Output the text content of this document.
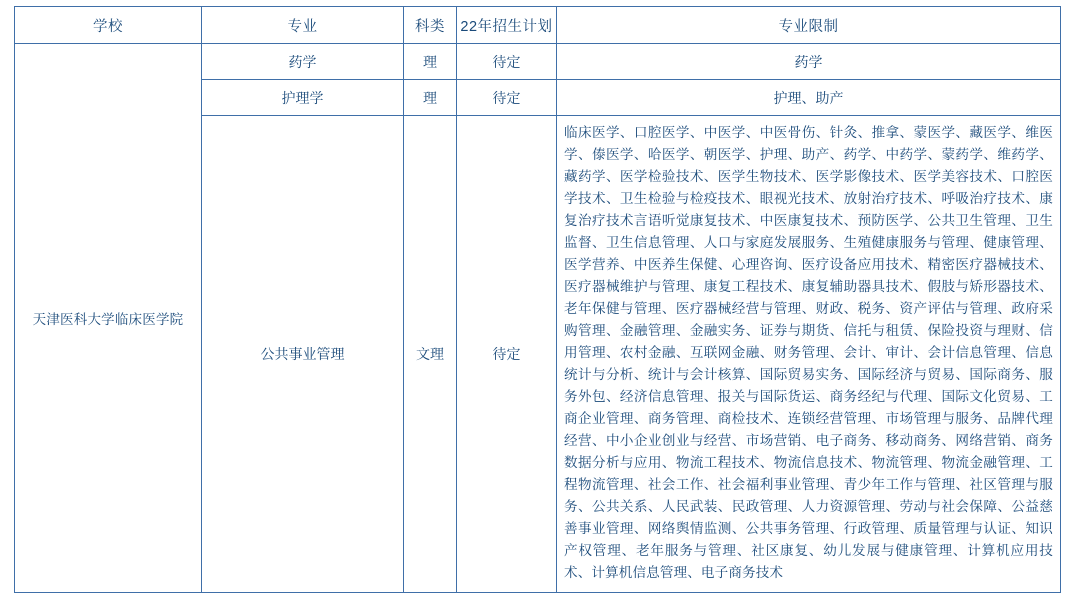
学校	专业	科类	22年招生计划	专业限制
天津医科大学临床医学院	药学	理	待定	药学
	护理学	理	待定	护理、助产
	公共事业管理	文理	待定	临床医学、口腔医学、中医学、中医骨伤、针灸、推拿、蒙医学、藏医学、维医学、傣医学、哈医学、朝医学、护理、助产、药学、中药学、蒙药学、维药学、藏药学、医学检验技术、医学生物技术、医学影像技术、医学美容技术、口腔医学技术、卫生检验与检疫技术、眼视光技术、放射治疗技术、呼吸治疗技术、康复治疗技术言语听觉康复技术、中医康复技术、预防医学、公共卫生管理、卫生监督、卫生信息管理、人口与家庭发展服务、生殖健康服务与管理、健康管理、医学营养、中医养生保健、心理咨询、医疗设备应用技术、精密医疗器械技术、医疗器械维护与管理、康复工程技术、康复辅助器具技术、假肢与矫形器技术、老年保健与管理、医疗器械经营与管理、财政、税务、资产评估与管理、政府采购管理、金融管理、金融实务、证券与期货、信托与租赁、保险投资与理财、信用管理、农村金融、互联网金融、财务管理、会计、审计、会计信息管理、信息统计与分析、统计与会计核算、国际贸易实务、国际经济与贸易、国际商务、服务外包、经济信息管理、报关与国际货运、商务经纪与代理、国际文化贸易、工商企业管理、商务管理、商检技术、连锁经营管理、市场管理与服务、品牌代理经营、中小企业创业与经营、市场营销、电子商务、移动商务、网络营销、商务数据分析与应用、物流工程技术、物流信息技术、物流管理、物流金融管理、工程物流管理、社会工作、社会福利事业管理、青少年工作与管理、社区管理与服务、公共关系、人民武装、民政管理、人力资源管理、劳动与社会保障、公益慈善事业管理、网络舆情监测、公共事务管理、行政管理、质量管理与认证、知识产权管理、老年服务与管理、社区康复、幼儿发展与健康管理、计算机应用技术、计算机信息管理、电子商务技术
